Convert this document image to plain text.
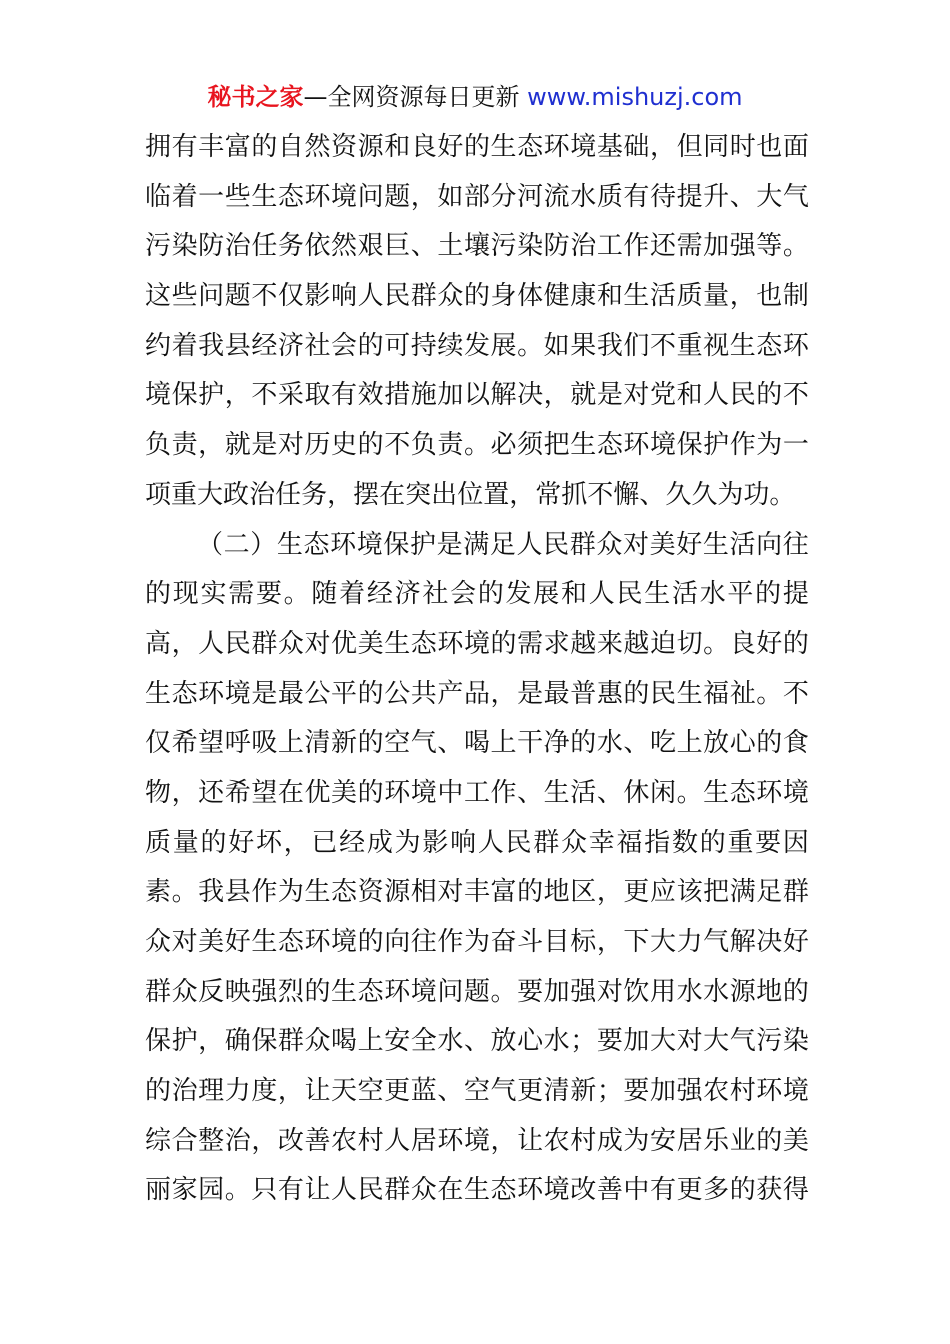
秘书之家—全网资源每日更新 www.mishuzj.com
拥 有 丰 富 的 自 然 资 源 和 良 好 的 生 态 环 境 基 础 ， 但 同 时 也 面
临 着 一 些 生 态 环 境 问 题 ， 如 部 分 河 流 水 质 有 待 提 升 、 大 气
污 染 防 治 任 务 依 然 艰 巨 、 土 壤 污 染 防 治 工 作 还 需 加 强 等 。
这 些 问 题 不 仅 影 响 人 民 群 众 的 身 体 健 康 和 生 活 质 量 ， 也 制
约 着 我 县 经 济 社 会 的 可 持 续 发 展 。 如 果 我 们 不 重 视 生 态 环
境 保 护 ， 不 采 取 有 效 措 施 加 以 解 决 ， 就 是 对 党 和 人 民 的 不
负 责 ， 就 是 对 历 史 的 不 负 责 。 必 须 把 生 态 环 境 保 护 作 为 一
项 重 大 政 治 任 务 ， 摆 在 突 出 位 置 ， 常 抓 不 懈 、 久 久 为 功 。
（ 二 ） 生 态 环 境 保 护 是 满 足 人 民 群 众 对 美 好 生 活 向 往
的 现 实 需 要 。 随 着 经 济 社 会 的 发 展 和 人 民 生 活 水 平 的 提
高 ， 人 民 群 众 对 优 美 生 态 环 境 的 需 求 越 来 越 迫 切 。 良 好 的
生 态 环 境 是 最 公 平 的 公 共 产 品 ， 是 最 普 惠 的 民 生 福 祉 。 不
仅 希 望 呼 吸 上 清 新 的 空 气 、 喝 上 干 净 的 水 、 吃 上 放 心 的 食
物 ， 还 希 望 在 优 美 的 环 境 中 工 作 、 生 活 、 休 闲 。 生 态 环 境
质 量 的 好 坏 ， 已 经 成 为 影 响 人 民 群 众 幸 福 指 数 的 重 要 因
素 。 我 县 作 为 生 态 资 源 相 对 丰 富 的 地 区 ， 更 应 该 把 满 足 群
众 对 美 好 生 态 环 境 的 向 往 作 为 奋 斗 目 标 ， 下 大 力 气 解 决 好
群 众 反 映 强 烈 的 生 态 环 境 问 题 。 要 加 强 对 饮 用 水 水 源 地 的
保 护 ， 确 保 群 众 喝 上 安 全 水 、 放 心 水 ； 要 加 大 对 大 气 污 染
的 治 理 力 度 ， 让 天 空 更 蓝 、 空 气 更 清 新 ； 要 加 强 农 村 环 境
综 合 整 治 ， 改 善 农 村 人 居 环 境 ， 让 农 村 成 为 安 居 乐 业 的 美
丽 家 园 。 只 有 让 人 民 群 众 在 生 态 环 境 改 善 中 有 更 多 的 获 得
